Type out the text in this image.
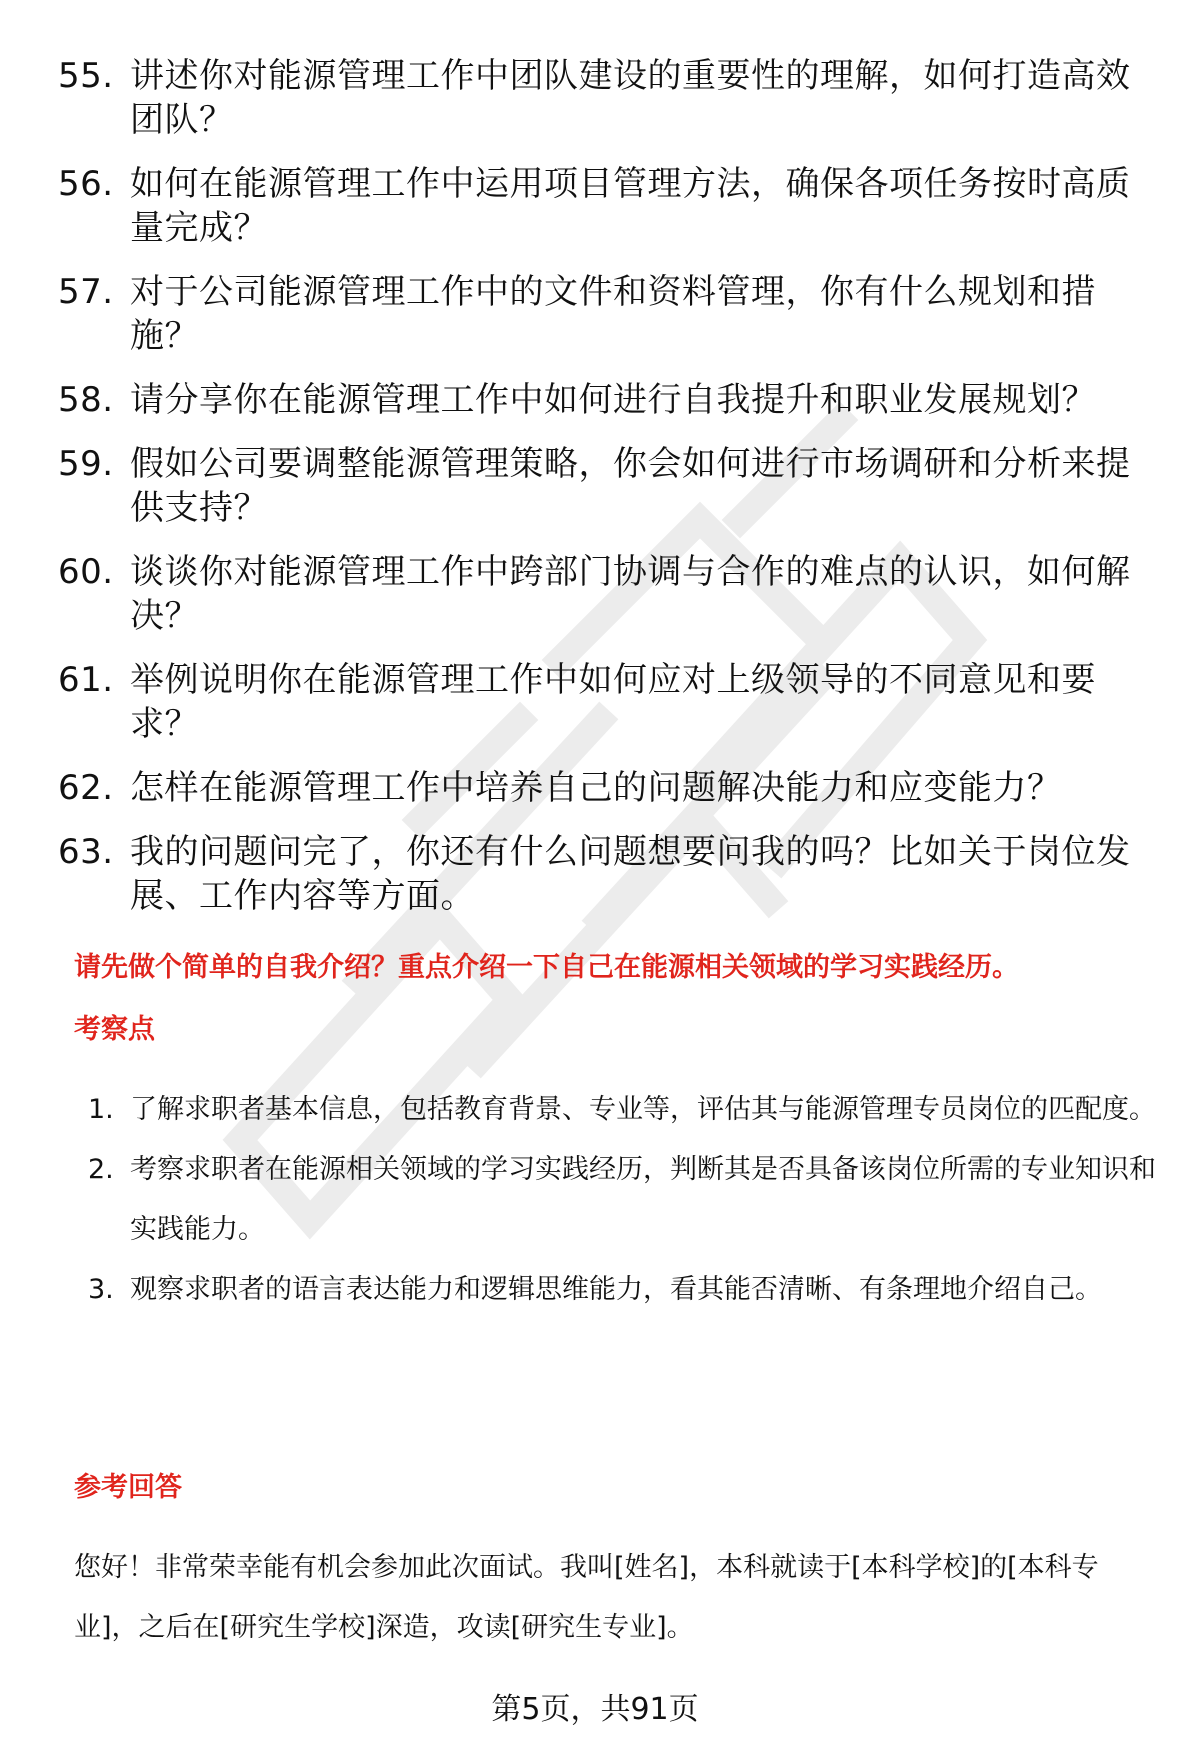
55. 讲述你对能源管理工作中团队建设的重要性的理解，如何打造高效团队？
56. 如何在能源管理工作中运用项目管理方法，确保各项任务按时高质量完成？
57. 对于公司能源管理工作中的文件和资料管理，你有什么规划和措施？
58. 请分享你在能源管理工作中如何进行自我提升和职业发展规划？
59. 假如公司要调整能源管理策略，你会如何进行市场调研和分析来提供支持？
60. 谈谈你对能源管理工作中跨部门协调与合作的难点的认识，如何解决？
61. 举例说明你在能源管理工作中如何应对上级领导的不同意见和要求？
62. 怎样在能源管理工作中培养自己的问题解决能力和应变能力？
63. 我的问题问完了，你还有什么问题想要问我的吗？比如关于岗位发展、工作内容等方面。
请先做个简单的自我介绍？重点介绍一下自己在能源相关领域的学习实践经历。
考察点
1. 了解求职者基本信息，包括教育背景、专业等，评估其与能源管理专员岗位的匹配度。
2. 考察求职者在能源相关领域的学习实践经历，判断其是否具备该岗位所需的专业知识和实践能力。
3. 观察求职者的语言表达能力和逻辑思维能力，看其能否清晰、有条理地介绍自己。
参考回答
您好！非常荣幸能有机会参加此次面试。我叫[姓名]，本科就读于[本科学校]的[本科专业]，之后在[研究生学校]深造，攻读[研究生专业]。
第5页，共91页
